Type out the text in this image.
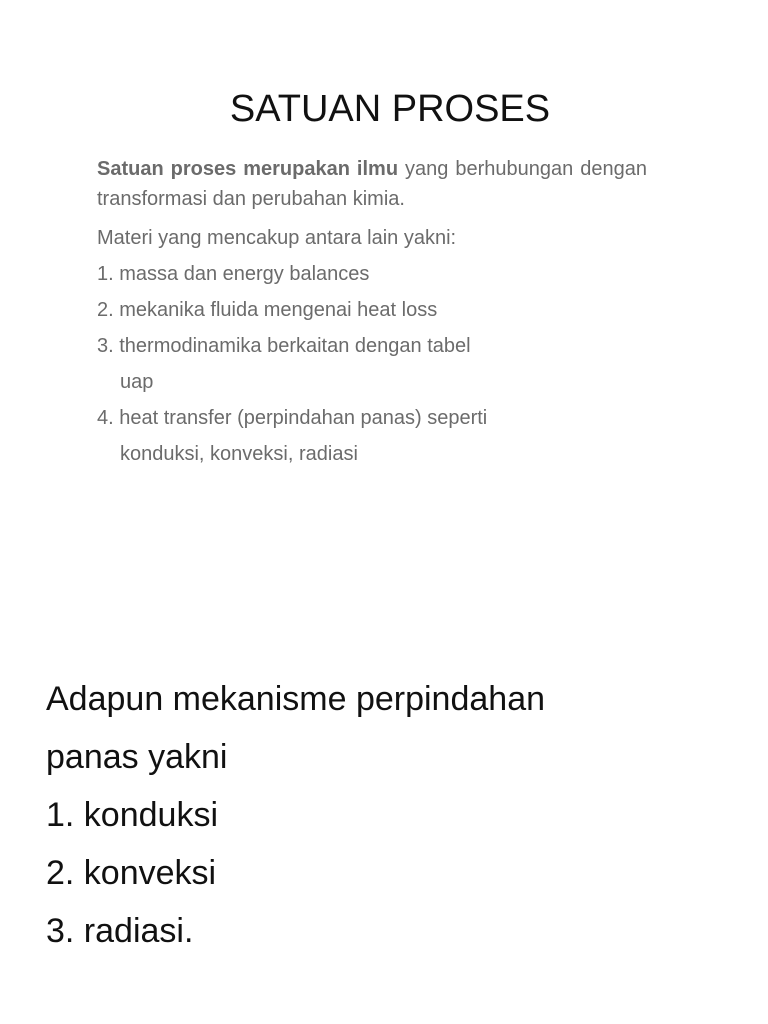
SATUAN PROSES
Satuan proses merupakan ilmu yang berhubungan dengan transformasi dan perubahan kimia.
Materi yang mencakup antara lain yakni:
1. massa dan energy balances
2. mekanika fluida mengenai heat loss
3. thermodinamika berkaitan dengan tabel
uap
4. heat transfer (perpindahan panas) seperti
konduksi, konveksi, radiasi
Adapun mekanisme perpindahan
panas yakni
1. konduksi
2. konveksi
3. radiasi.
